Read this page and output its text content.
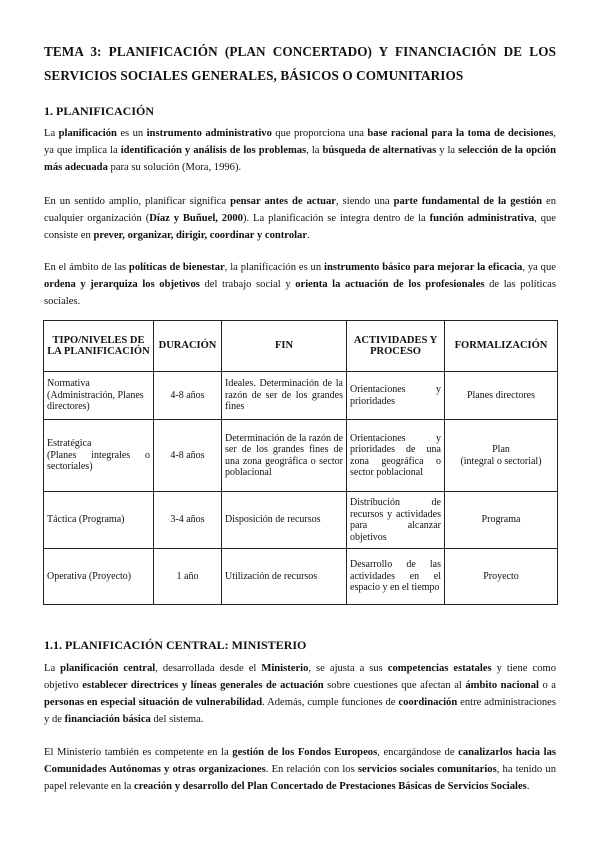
TEMA 3: PLANIFICACIÓN (PLAN CONCERTADO) Y FINANCIACIÓN DE LOS SERVICIOS SOCIALES GENERALES, BÁSICOS O COMUNITARIOS
1. PLANIFICACIÓN

La planificación es un instrumento administrativo que proporciona una base racional para la toma de decisiones, ya que implica la identificación y análisis de los problemas, la búsqueda de alternativas y la selección de la opción más adecuada para su solución (Mora, 1996).

En un sentido amplio, planificar significa pensar antes de actuar, siendo una parte fundamental de la gestión en cualquier organización (Díaz y Buñuel, 2000). La planificación se integra dentro de la función administrativa, que consiste en prever, organizar, dirigir, coordinar y controlar.

En el ámbito de las políticas de bienestar, la planificación es un instrumento básico para mejorar la eficacia, ya que ordena y jerarquiza los objetivos del trabajo social y orienta la actuación de los profesionales de las políticas sociales.

TIPO/NIVELES DE LA PLANIFICACIÓN	DURACIÓN	FIN	ACTIVIDADES Y PROCESO	FORMALIZACIÓN
Normativa
(Administración, Planes directores)	4-8 años	Ideales. Determinación de la razón de ser de los grandes fines	Orientaciones y prioridades	Planes directores
Estratégica
(Planes integrales o sectoriales)	4-8 años	Determinación de la razón de ser de los grandes fines de una zona geográfica o sector poblacional	Orientaciones y prioridades de una zona geográfica o sector poblacional	Plan
(integral o sectorial)
Táctica (Programa)	3-4 años	Disposición de recursos	Distribución de recursos y actividades para alcanzar objetivos	Programa
Operativa (Proyecto)	1 año	Utilización de recursos	Desarrollo de las actividades en el espacio y en el tiempo	Proyecto
1.1. PLANIFICACIÓN CENTRAL: MINISTERIO

La planificación central, desarrollada desde el Ministerio, se ajusta a sus competencias estatales y tiene como objetivo establecer directrices y líneas generales de actuación sobre cuestiones que afectan al ámbito nacional o a personas en especial situación de vulnerabilidad. Además, cumple funciones de coordinación entre administraciones y de financiación básica del sistema.

El Ministerio también es competente en la gestión de los Fondos Europeos, encargándose de canalizarlos hacia las Comunidades Autónomas y otras organizaciones. En relación con los servicios sociales comunitarios, ha tenido un papel relevante en la creación y desarrollo del Plan Concertado de Prestaciones Básicas de Servicios Sociales.
